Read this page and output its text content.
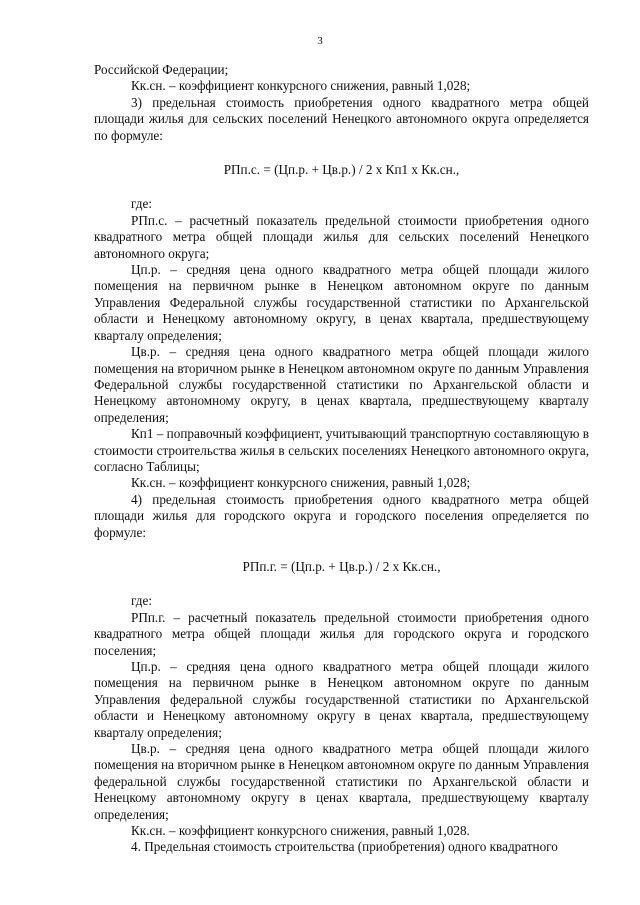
3

Российской Федерации;

Кк.сн. – коэффициент конкурсного снижения, равный 1,028;

3) предельная стоимость приобретения одного квадратного метра общей площади жилья для сельских поселений Ненецкого автономного округа определяется по формуле:

РПп.с. = (Цп.р. + Цв.р.) / 2 х Кп1 х Кк.сн.,

где:

РПп.с. – расчетный показатель предельной стоимости приобретения одного квадратного метра общей площади жилья для сельских поселений Ненецкого автономного округа;

Цп.р. – средняя цена одного квадратного метра общей площади жилого помещения на первичном рынке в Ненецком автономном округе по данным Управления Федеральной службы государственной статистики по Архангельской области и Ненецкому автономному округу, в ценах квартала, предшествующему кварталу определения;

Цв.р. – средняя цена одного квадратного метра общей площади жилого помещения на вторичном рынке в Ненецком автономном округе по данным Управления Федеральной службы государственной статистики по Архангельской области и Ненецкому автономному округу, в ценах квартала, предшествующему кварталу определения;

Кп1 – поправочный коэффициент, учитывающий транспортную составляющую в стоимости строительства жилья в сельских поселениях Ненецкого автономного округа, согласно Таблицы;

Кк.сн. – коэффициент конкурсного снижения, равный 1,028;

4) предельная стоимость приобретения одного квадратного метра общей площади жилья для городского округа и городского поселения определяется по формуле:

РПп.г. = (Цп.р. + Цв.р.) / 2 х Кк.сн.,

где:

РПп.г. – расчетный показатель предельной стоимости приобретения одного квадратного метра общей площади жилья для городского округа и городского поселения;

Цп.р. – средняя цена одного квадратного метра общей площади жилого помещения на первичном рынке в Ненецком автономном округе по данным Управления федеральной службы государственной статистики по Архангельской области и Ненецкому автономному округу в ценах квартала, предшествующему кварталу определения;

Цв.р. – средняя цена одного квадратного метра общей площади жилого помещения на вторичном рынке в Ненецком автономном округе по данным Управления федеральной службы государственной статистики по Архангельской области и Ненецкому автономному округу в ценах квартала, предшествующему кварталу определения;

Кк.сн. – коэффициент конкурсного снижения, равный 1,028.

4. Предельная стоимость строительства (приобретения) одного квадратного
